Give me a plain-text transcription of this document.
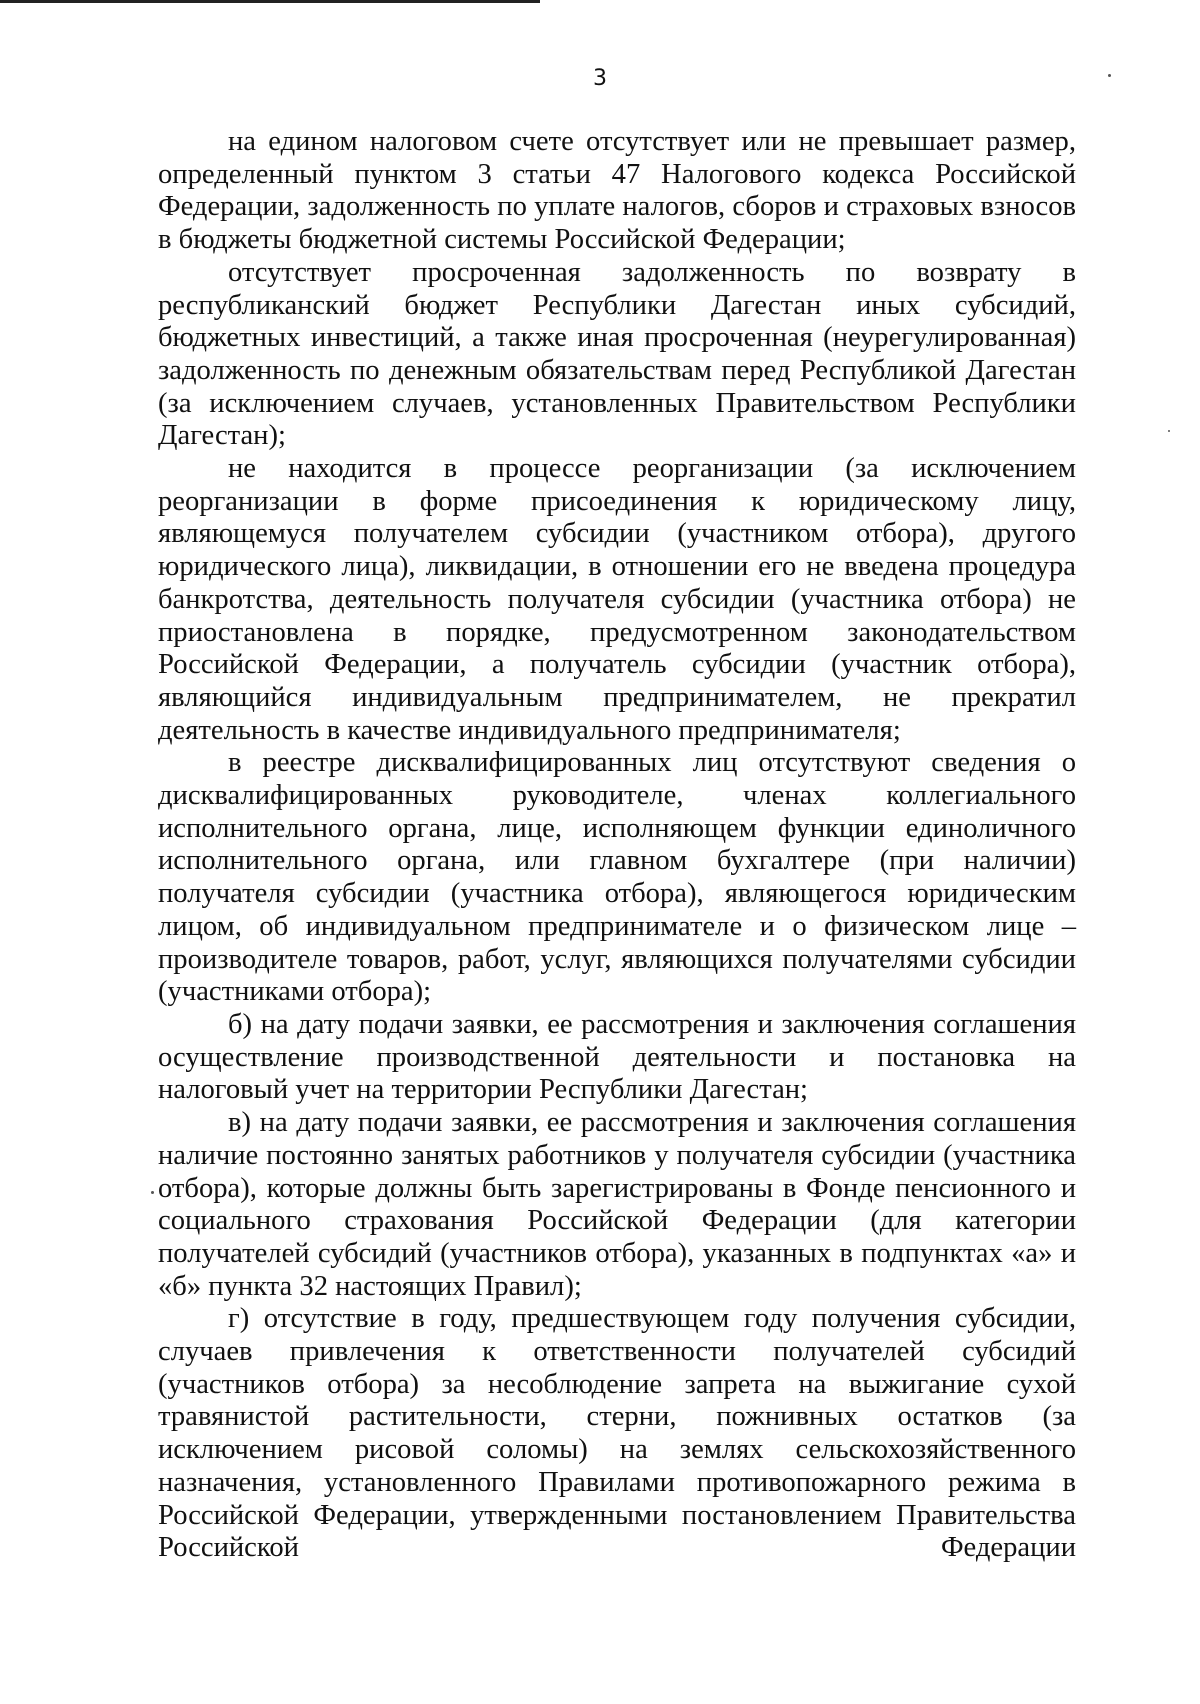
3

на едином налоговом счете отсутствует или не превышает размер, определенный пунктом 3 статьи 47 Налогового кодекса Российской Федерации, задолженность по уплате налогов, сборов и страховых взносов в бюджеты бюджетной системы Российской Федерации;

отсутствует просроченная задолженность по возврату в республиканский бюджет Республики Дагестан иных субсидий, бюджетных инвестиций, а также иная просроченная (неурегулированная) задолженность по денежным обязательствам перед Республикой Дагестан (за исключением случаев, установленных Правительством Республики Дагестан);

не находится в процессе реорганизации (за исключением реорганизации в форме присоединения к юридическому лицу, являющемуся получателем субсидии (участником отбора), другого юридического лица), ликвидации, в отношении его не введена процедура банкротства, деятельность получателя субсидии (участника отбора) не приостановлена в порядке, предусмотренном законодательством Российской Федерации, а получатель субсидии (участник отбора), являющийся индивидуальным предпринимателем, не прекратил деятельность в качестве индивидуального предпринимателя;

в реестре дисквалифицированных лиц отсутствуют сведения о дисквалифицированных руководителе, членах коллегиального исполнительного органа, лице, исполняющем функции единоличного исполнительного органа, или главном бухгалтере (при наличии) получателя субсидии (участника отбора), являющегося юридическим лицом, об индивидуальном предпринимателе и о физическом лице – производителе товаров, работ, услуг, являющихся получателями субсидии (участниками отбора);

б) на дату подачи заявки, ее рассмотрения и заключения соглашения осуществление производственной деятельности и постановка на налоговый учет на территории Республики Дагестан;

в) на дату подачи заявки, ее рассмотрения и заключения соглашения наличие постоянно занятых работников у получателя субсидии (участника отбора), которые должны быть зарегистрированы в Фонде пенсионного и социального страхования Российской Федерации (для категории получателей субсидий (участников отбора), указанных в подпунктах «а» и «б» пункта 32 настоящих Правил);

г) отсутствие в году, предшествующем году получения субсидии, случаев привлечения к ответственности получателей субсидий (участников отбора) за несоблюдение запрета на выжигание сухой травянистой растительности, стерни, пожнивных остатков (за исключением рисовой соломы) на землях сельскохозяйственного назначения, установленного Правилами противопожарного режима в Российской Федерации, утвержденными постановлением Правительства Российской Федерации
